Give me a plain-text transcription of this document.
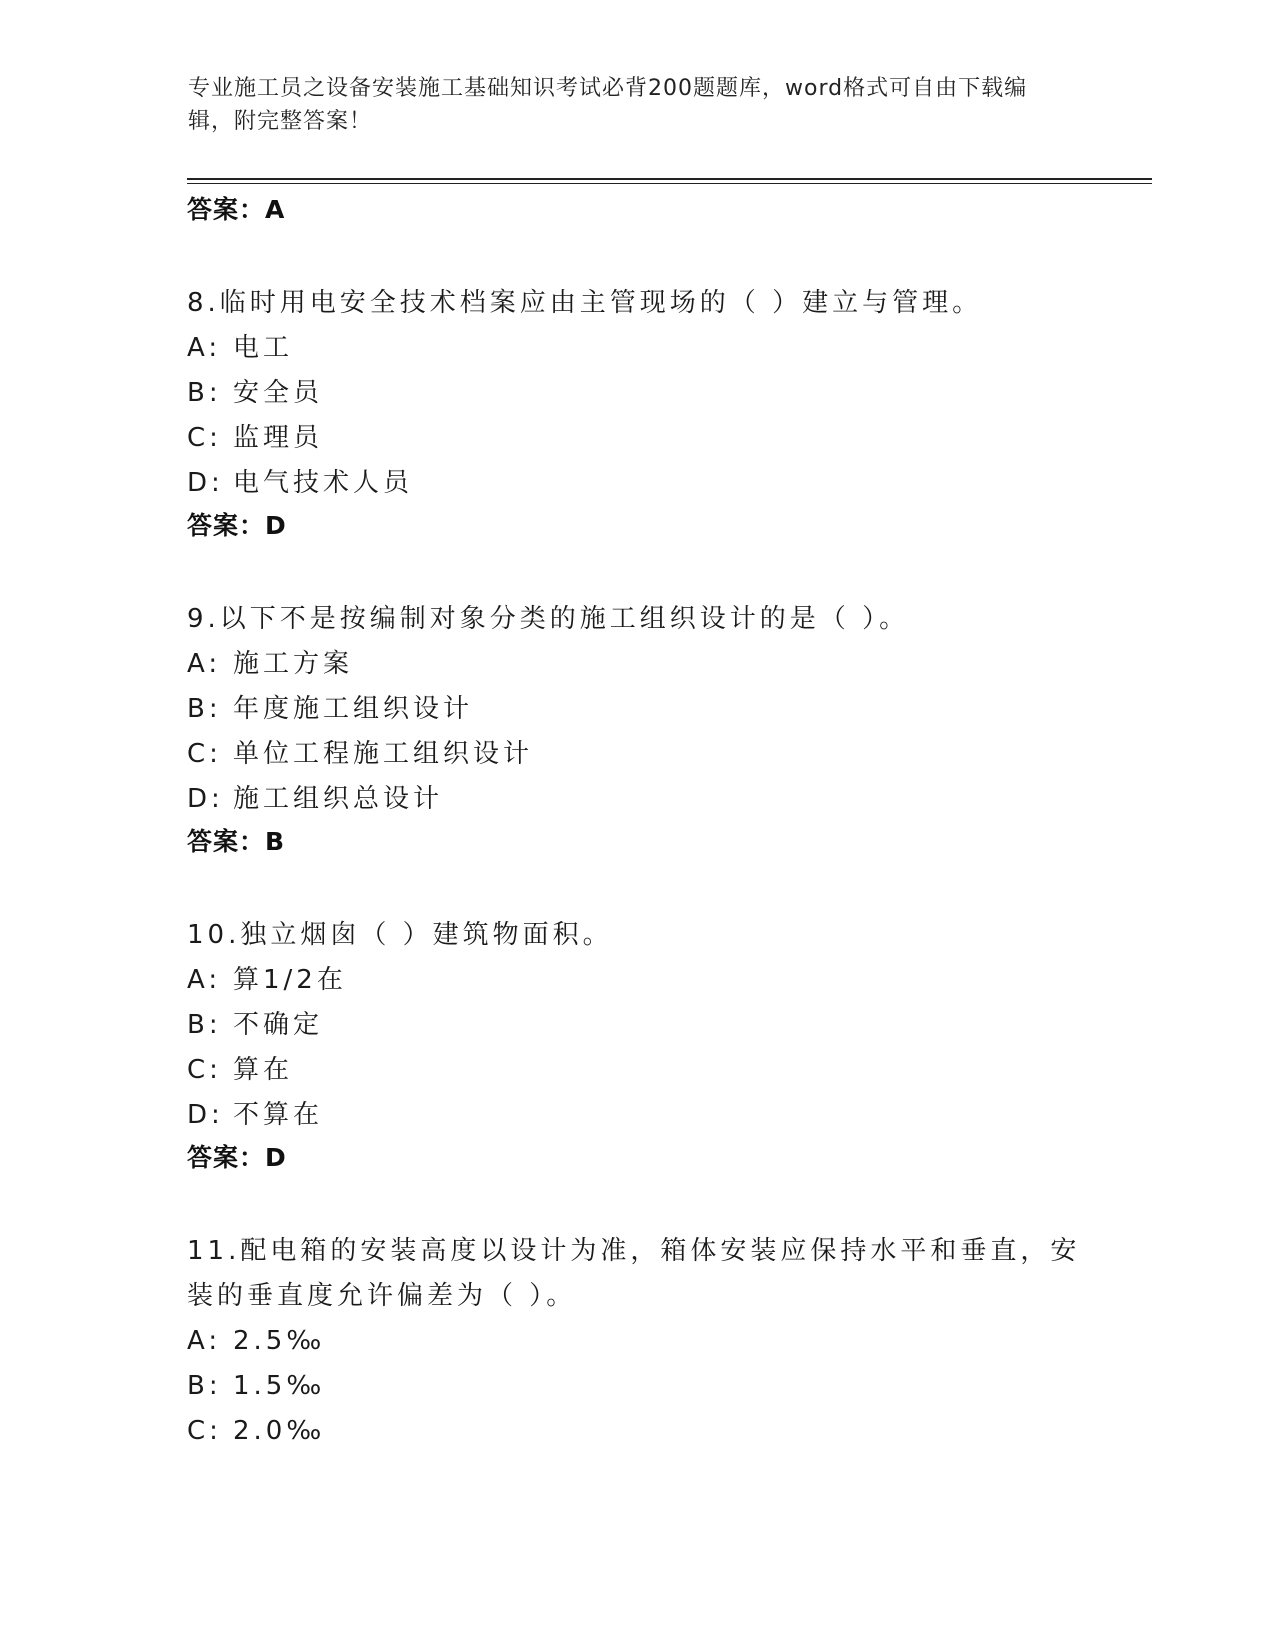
专业施工员之设备安装施工基础知识考试必背200题题库，word格式可自由下载编辑，附完整答案！

答案：A

8.临时用电安全技术档案应由主管现场的（ ）建立与管理。

A: 电工

B: 安全员

C: 监理员

D: 电气技术人员

答案：D

9.以下不是按编制对象分类的施工组织设计的是（ ）。

A: 施工方案

B: 年度施工组织设计

C: 单位工程施工组织设计

D: 施工组织总设计

答案：B

10.独立烟囱（ ）建筑物面积。

A: 算1/2在

B: 不确定

C: 算在

D: 不算在

答案：D

11.配电箱的安装高度以设计为准，箱体安装应保持水平和垂直，安装的垂直度允许偏差为（ ）。

A: 2.5‰

B: 1.5‰

C: 2.0‰
